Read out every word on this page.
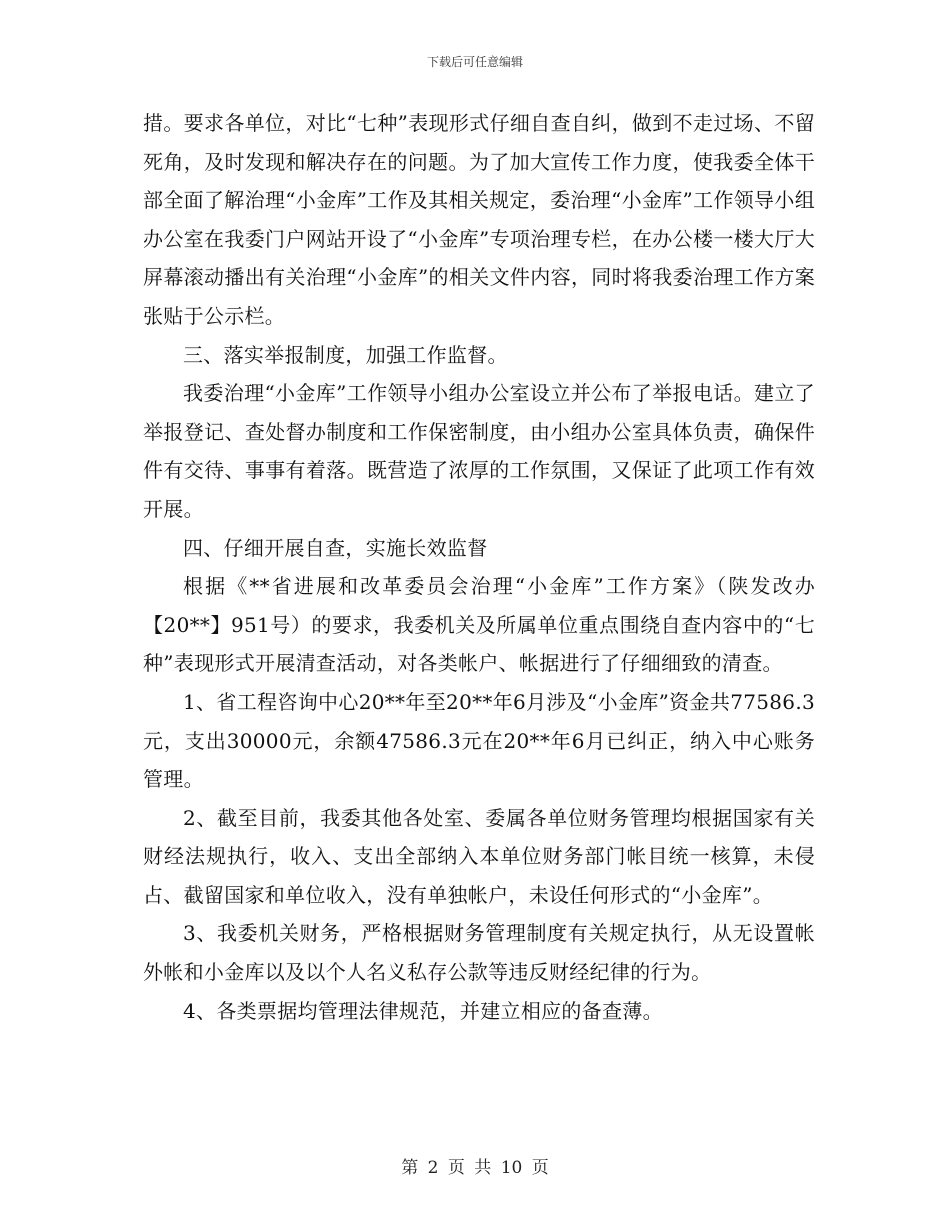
下载后可任意编辑

措。要求各单位，对比“七种”表现形式仔细自查自纠，做到不走过场、不留死角，及时发现和解决存在的问题。为了加大宣传工作力度，使我委全体干部全面了解治理“小金库”工作及其相关规定，委治理“小金库”工作领导小组办公室在我委门户网站开设了“小金库”专项治理专栏，在办公楼一楼大厅大屏幕滚动播出有关治理“小金库”的相关文件内容，同时将我委治理工作方案张贴于公示栏。

三、落实举报制度，加强工作监督。

我委治理“小金库”工作领导小组办公室设立并公布了举报电话。建立了举报登记、查处督办制度和工作保密制度，由小组办公室具体负责，确保件件有交待、事事有着落。既营造了浓厚的工作氛围，又保证了此项工作有效开展。

四、仔细开展自查，实施长效监督

根据《**省进展和改革委员会治理“小金库”工作方案》（陕发改办【20**】951号）的要求，我委机关及所属单位重点围绕自查内容中的“七种”表现形式开展清查活动，对各类帐户、帐据进行了仔细细致的清查。

1、省工程咨询中心20**年至20**年6月涉及“小金库”资金共77586.3元，支出30000元，余额47586.3元在20**年6月已纠正，纳入中心账务管理。

2、截至目前，我委其他各处室、委属各单位财务管理均根据国家有关财经法规执行，收入、支出全部纳入本单位财务部门帐目统一核算，未侵占、截留国家和单位收入，没有单独帐户，未设任何形式的“小金库”。

3、我委机关财务，严格根据财务管理制度有关规定执行，从无设置帐外帐和小金库以及以个人名义私存公款等违反财经纪律的行为。

4、各类票据均管理法律规范，并建立相应的备查薄。

第 2 页 共 10 页
